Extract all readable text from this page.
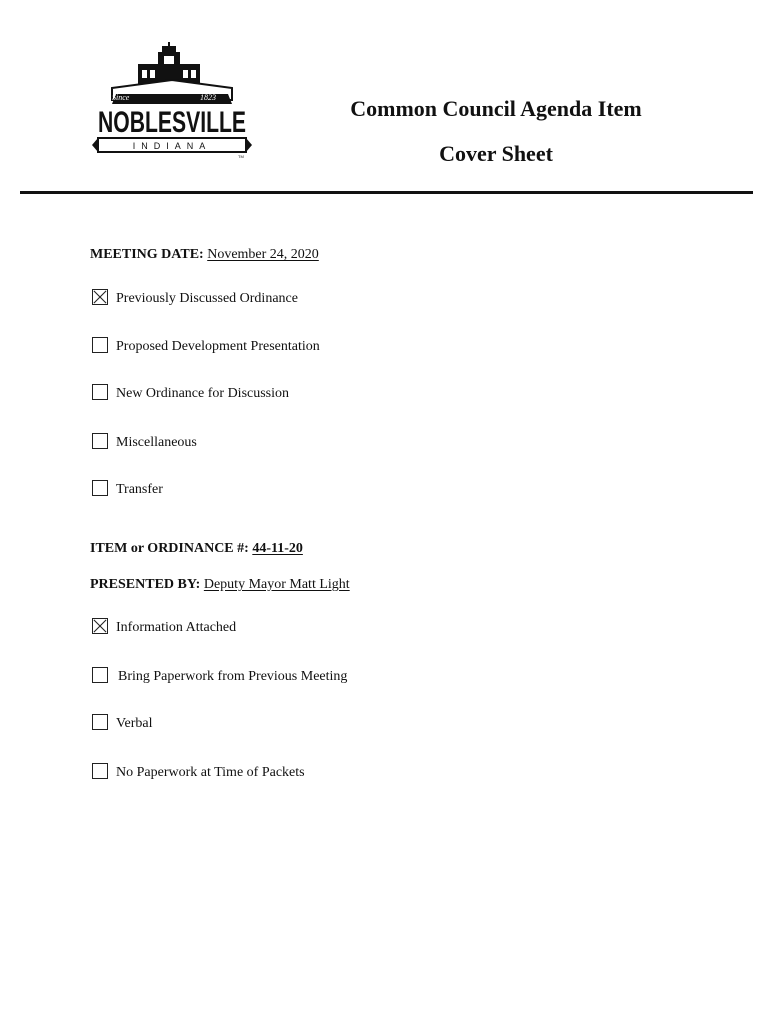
Since	1823
NOBLESVILLE
INDIANA
TM
Common Council Agenda Item
Cover Sheet
MEETING DATE: November 24, 2020
Previously Discussed Ordinance
Proposed Development Presentation
New Ordinance for Discussion
Miscellaneous
Transfer
ITEM or ORDINANCE #: 44-11-20
PRESENTED BY: Deputy Mayor Matt Light
Information Attached
Bring Paperwork from Previous Meeting
Verbal
No Paperwork at Time of Packets
